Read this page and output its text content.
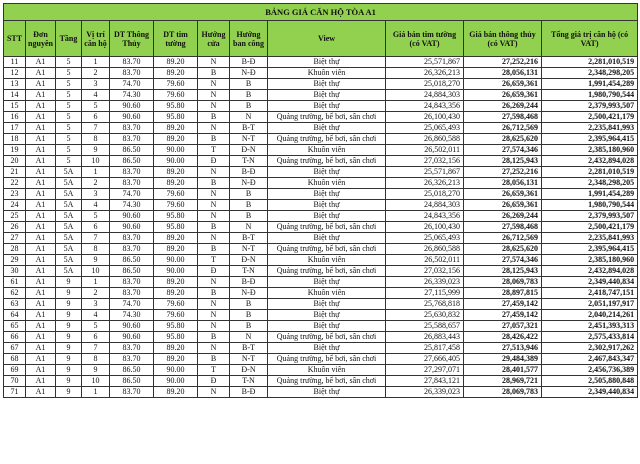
BẢNG GIÁ CĂN HỘ TÒA A1											
STT	Đơn nguyên	Tầng	Vị trí căn hộ	DT Thông Thủy	DT tim tường	Hướng cửa	Hướng ban công	View	Giá bán tim tường (có VAT)	Giá bán thông thủy (có VAT)	Tổng giá trị căn hộ (có VAT)
11	A1	5	1	83.70	89.20	N	B-Đ	Biệt thự	25,571,867	27,252,216	2,281,010,519
12	A1	5	2	83.70	89.20	B	N-Đ	Khuôn viên	26,326,213	28,056,131	2,348,298,205
13	A1	5	3	74.70	79.60	N	B	Biệt thự	25,018,270	26,659,361	1,991,454,289
14	A1	5	4	74.30	79.60	N	B	Biệt thự	24,884,303	26,659,361	1,980,790,544
15	A1	5	5	90.60	95.80	N	B	Biệt thự	24,843,356	26,269,244	2,379,993,507
16	A1	5	6	90.60	95.80	B	N	Quảng trường, bể bơi, sân chơi	26,100,430	27,598,468	2,500,421,179
17	A1	5	7	83.70	89.20	N	B-T	Biệt thự	25,065,493	26,712,569	2,235,841,993
18	A1	5	8	83.70	89.20	B	N-T	Quảng trường, bể bơi, sân chơi	26,860,588	28,625,620	2,395,964,415
19	A1	5	9	86.50	90.00	T	Đ-N	Khuôn viên	26,502,011	27,574,346	2,385,180,960
20	A1	5	10	86.50	90.00	Đ	T-N	Quảng trường, bể bơi, sân chơi	27,032,156	28,125,943	2,432,894,028
21	A1	5A	1	83.70	89.20	N	B-Đ	Biệt thự	25,571,867	27,252,216	2,281,010,519
22	A1	5A	2	83.70	89.20	B	N-Đ	Khuôn viên	26,326,213	28,056,131	2,348,298,205
23	A1	5A	3	74.70	79.60	N	B	Biệt thự	25,018,270	26,659,361	1,991,454,289
24	A1	5A	4	74.30	79.60	N	B	Biệt thự	24,884,303	26,659,361	1,980,790,544
25	A1	5A	5	90.60	95.80	N	B	Biệt thự	24,843,356	26,269,244	2,379,993,507
26	A1	5A	6	90.60	95.80	B	N	Quảng trường, bể bơi, sân chơi	26,100,430	27,598,468	2,500,421,179
27	A1	5A	7	83.70	89.20	N	B-T	Biệt thự	25,065,493	26,712,569	2,235,841,993
28	A1	5A	8	83.70	89.20	B	N-T	Quảng trường, bể bơi, sân chơi	26,860,588	28,625,620	2,395,964,415
29	A1	5A	9	86.50	90.00	T	Đ-N	Khuôn viên	26,502,011	27,574,346	2,385,180,960
30	A1	5A	10	86.50	90.00	Đ	T-N	Quảng trường, bể bơi, sân chơi	27,032,156	28,125,943	2,432,894,028
61	A1	9	1	83.70	89.20	N	B-Đ	Biệt thự	26,339,023	28,069,783	2,349,440,834
62	A1	9	2	83.70	89.20	B	N-Đ	Khuôn viên	27,115,999	28,897,815	2,418,747,151
63	A1	9	3	74.70	79.60	N	B	Biệt thự	25,768,818	27,459,142	2,051,197,917
64	A1	9	4	74.30	79.60	N	B	Biệt thự	25,630,832	27,459,142	2,040,214,261
65	A1	9	5	90.60	95.80	N	B	Biệt thự	25,588,657	27,057,321	2,451,393,313
66	A1	9	6	90.60	95.80	B	N	Quảng trường, bể bơi, sân chơi	26,883,443	28,426,422	2,575,433,814
67	A1	9	7	83.70	89.20	N	B-T	Biệt thự	25,817,458	27,513,946	2,302,917,262
68	A1	9	8	83.70	89.20	B	N-T	Quảng trường, bể bơi, sân chơi	27,666,405	29,484,389	2,467,843,347
69	A1	9	9	86.50	90.00	T	Đ-N	Khuôn viên	27,297,071	28,401,577	2,456,736,389
70	A1	9	10	86.50	90.00	Đ	T-N	Quảng trường, bể bơi, sân chơi	27,843,121	28,969,721	2,505,880,848
71	A1	9	1	83.70	89.20	N	B-Đ	Biệt thự	26,339,023	28,069,783	2,349,440,834
